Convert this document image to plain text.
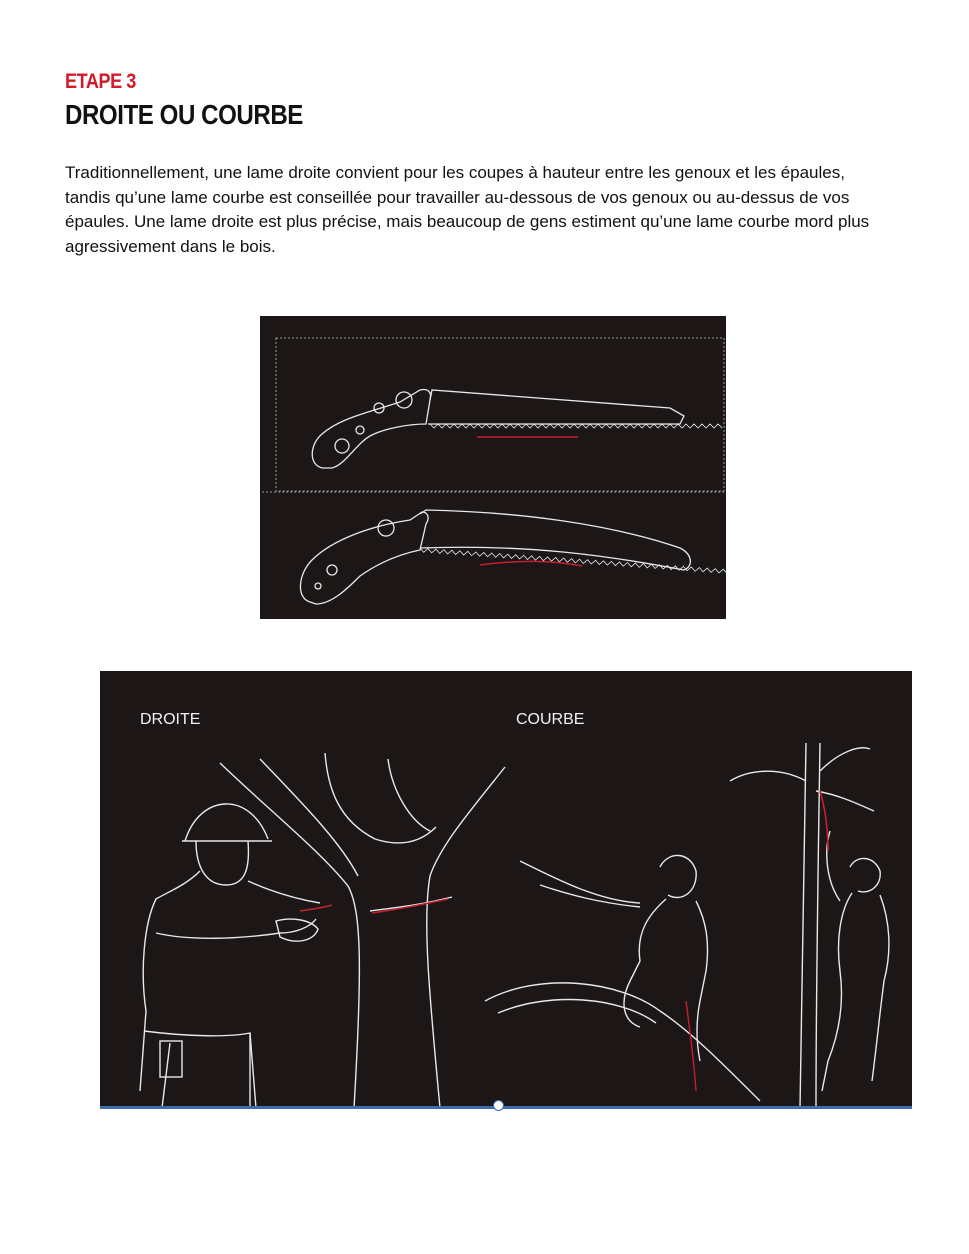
ETAPE 3
DROITE OU COURBE

Traditionnellement, une lame droite convient pour les coupes à hauteur entre les genoux et les épaules, tandis qu’une lame courbe est conseillée pour travailler au-dessous de vos genoux ou au-dessus de vos épaules. Une lame droite est plus précise, mais beaucoup de gens estiment qu’une lame courbe mord plus agressivement dans le bois.

DROITE	COURBE
